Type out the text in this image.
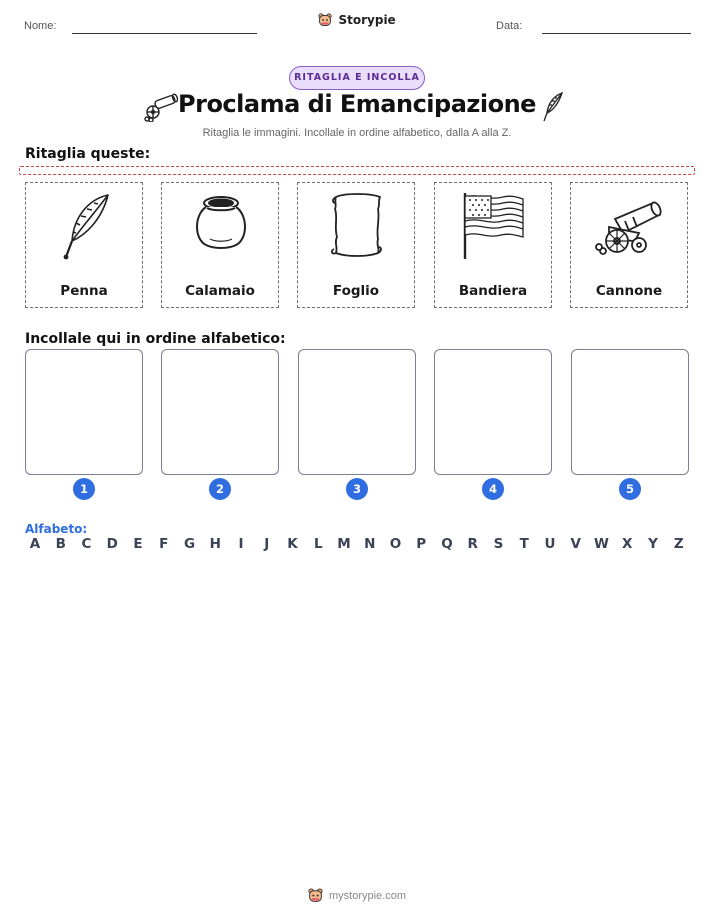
Nome:	Storypie	Data:
RITAGLIA E INCOLLA
Proclama di Emancipazione
Ritaglia le immagini. Incollale in ordine alfabetico, dalla A alla Z.
Ritaglia queste:
Penna	Calamaio	Foglio	Bandiera	Cannone
Incollale qui in ordine alfabetico:
1	2	3	4	5
Alfabeto:
A	B	C	D	E	F	G	H	I	J	K	L	M N	O	P	Q	R	S	T	U	V W X	Y	Z
mystorypie.com
